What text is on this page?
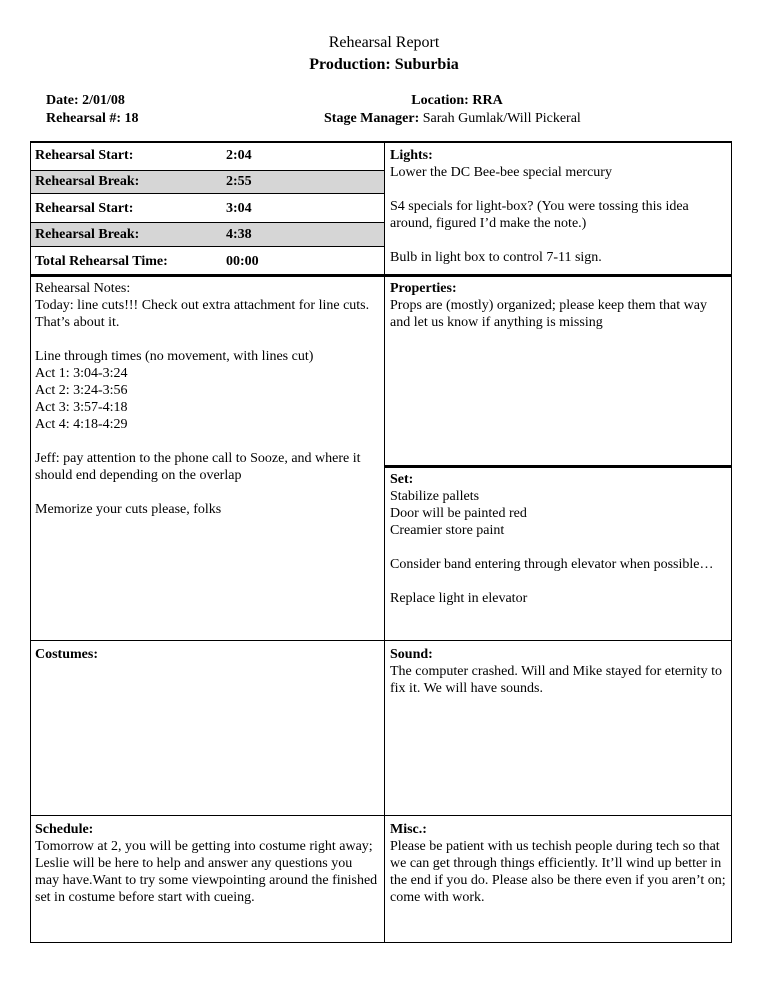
Rehearsal Report
Production: Suburbia
Date: 2/01/08
Rehearsal #: 18
Location: RRA
Stage Manager: Sarah Gumlak/Will Pickeral
Rehearsal Start:	2:04
Rehearsal Break:	2:55
Rehearsal Start:	3:04
Rehearsal Break:	4:38
Total Rehearsal Time:	00:00

Lights:

Lower the DC Bee-bee special mercury

S4 specials for light-box? (You were tossing this idea around, figured I’d make the note.)

Bulb in light box to control 7-11 sign.

Rehearsal Notes:

Today: line cuts!!! Check out extra attachment for line cuts. That’s about it.

Line through times (no movement, with lines cut)

Act 1: 3:04-3:24

Act 2: 3:24-3:56

Act 3: 3:57-4:18

Act 4: 4:18-4:29

Jeff: pay attention to the phone call to Sooze, and where it should end depending on the overlap

Memorize your cuts please, folks

Properties:

Props are (mostly) organized; please keep them that way and let us know if anything is missing

Set:

Stabilize pallets

Door will be painted red

Creamier store paint

Consider band entering through elevator when possible…

Replace light in elevator

Costumes:	Sound:

The computer crashed. Will and Mike stayed for eternity to fix it. We will have sounds.

Schedule:

Tomorrow at 2, you will be getting into costume right away; Leslie will be here to help and answer any questions you may have.Want to try some viewpointing around the finished set in costume before start with cueing.

Misc.:

Please be patient with us techish people during tech so that we can get through things efficiently. It’ll wind up better in the end if you do. Please also be there even if you aren’t on; come with work.
